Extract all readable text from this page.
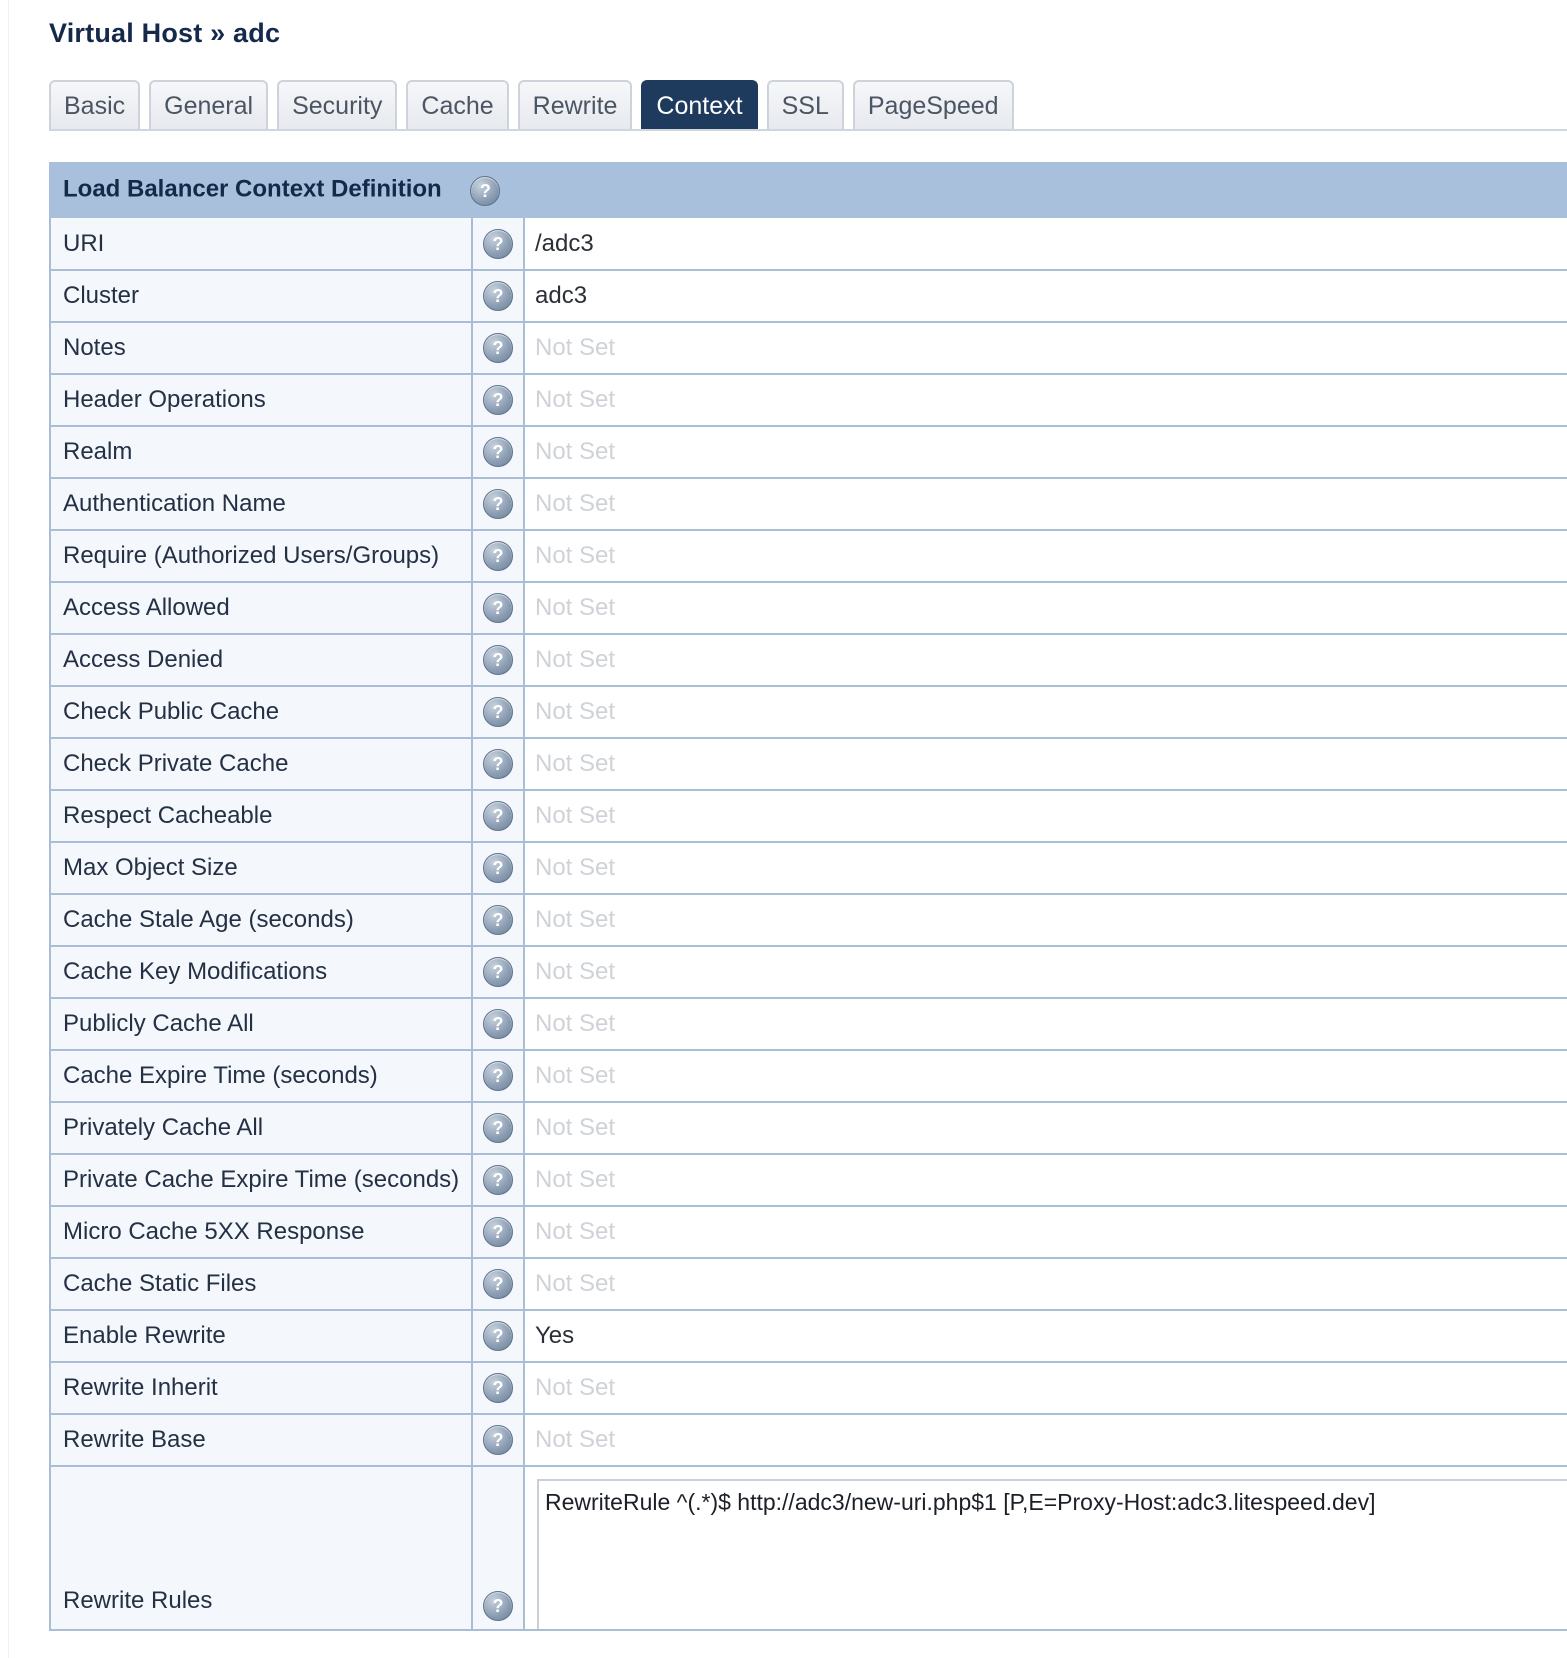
Virtual Host » adc
Basic	General	Security	Cache	Rewrite	Context	SSL	PageSpeed
Load Balancer Context Definition ?		
URI	?	/adc3
Cluster	?	adc3
Notes	?	Not Set
Header Operations	?	Not Set
Realm	?	Not Set
Authentication Name	?	Not Set
Require (Authorized Users/Groups)	?	Not Set
Access Allowed	?	Not Set
Access Denied	?	Not Set
Check Public Cache	?	Not Set
Check Private Cache	?	Not Set
Respect Cacheable	?	Not Set
Max Object Size	?	Not Set
Cache Stale Age (seconds)	?	Not Set
Cache Key Modifications	?	Not Set
Publicly Cache All	?	Not Set
Cache Expire Time (seconds)	?	Not Set
Privately Cache All	?	Not Set
Private Cache Expire Time (seconds)	?	Not Set
Micro Cache 5XX Response	?	Not Set
Cache Static Files	?	Not Set
Enable Rewrite	?	Yes
Rewrite Inherit	?	Not Set
Rewrite Base	?	Not Set
Rewrite Rules	?	RewriteRule ^(.*)$ http://adc3/new-uri.php$1 [P,E=Proxy-Host:adc3.litespeed.dev]
